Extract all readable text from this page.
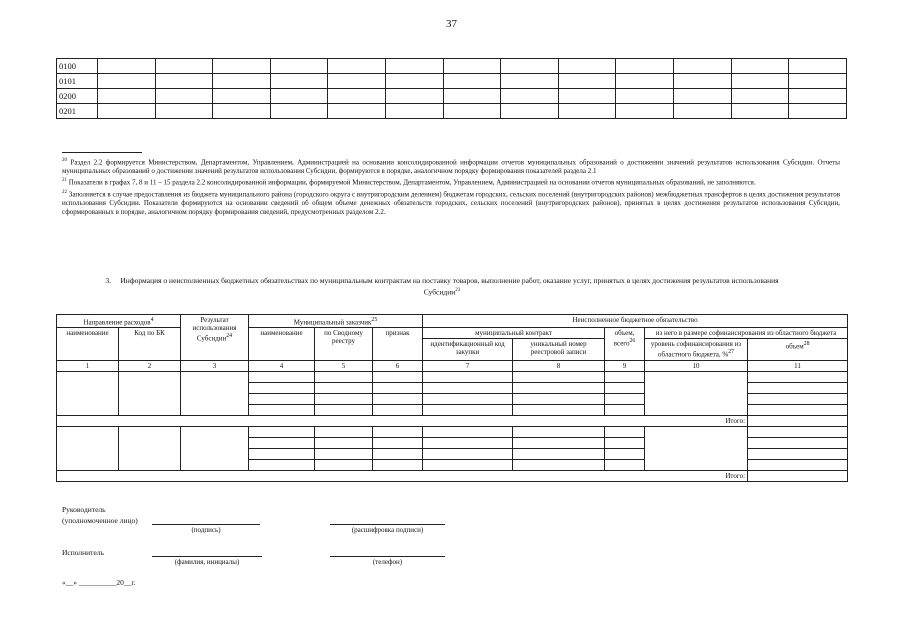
37
0100													
0101													
0200													
0201													

$^{20}$ Раздел 2.2 формируется Министерством, Департаментом, Управлением, Администрацией на основании консолидированной информации отчетов муниципальных образований о достижении значений результатов использования Субсидии. Отчеты муниципальных образований о достижении значений результатов использования Субсидии, формируются в порядке, аналогичном порядку формирования показателей раздела 2.1

$^{21}$ Показатели в графах 7, 8 и 11 – 15 раздела 2.2 консолидированной информации, формируемой Министерством, Департаментом, Управлением, Администрацией на основании отчетов муниципальных образований, не заполняются.

$^{22}$ Заполняется в случае предоставления из бюджета муниципального района (городского округа с внутригородским делением) бюджетам городских, сельских поселений (внутригородских районов) межбюджетных трансфертов в целях достижения результатов использования Субсидии. Показатели формируются на основании сведений об общем объеме денежных обязательств городских, сельских поселений (внутригородских районов), принятых в целях достижения результатов использования Субсидии, сформированных в порядке, аналогичном порядку формирования сведений, предусмотренных разделом 2.2.

3. Информация о неисполненных бюджетных обязательствах по муниципальным контрактам на поставку товаров, выполнение работ, оказание услуг, принятых в целях достижения результатов использования Субсидии$^{23}$
Направление расходов$^4$		Результат использования Субсидии$^{24}$	Муниципальный заказчик$^{25}$			Неисполненное бюджетное обязательство				
наименование	Код по БК		наименование	по Сводному реестру	признак	муниципальный контракт		объем, всего$^{26}$	из него в размере софинансирования из областного бюджета	
						идентификационный код закупки	уникальный номер реестровой записи		уровень софинансирования из областного бюджета, %$^{27}$	объем$^{28}$
1	2	3	4	5	6	7	8	9	10	11

Итого:										

Итого:										
Руководитель
(уполномоченное лицо)
(подпись)	(расшифровка подписи)
Исполнитель
(фамилия, инициалы)	(телефон)
«__» __________20__г.
